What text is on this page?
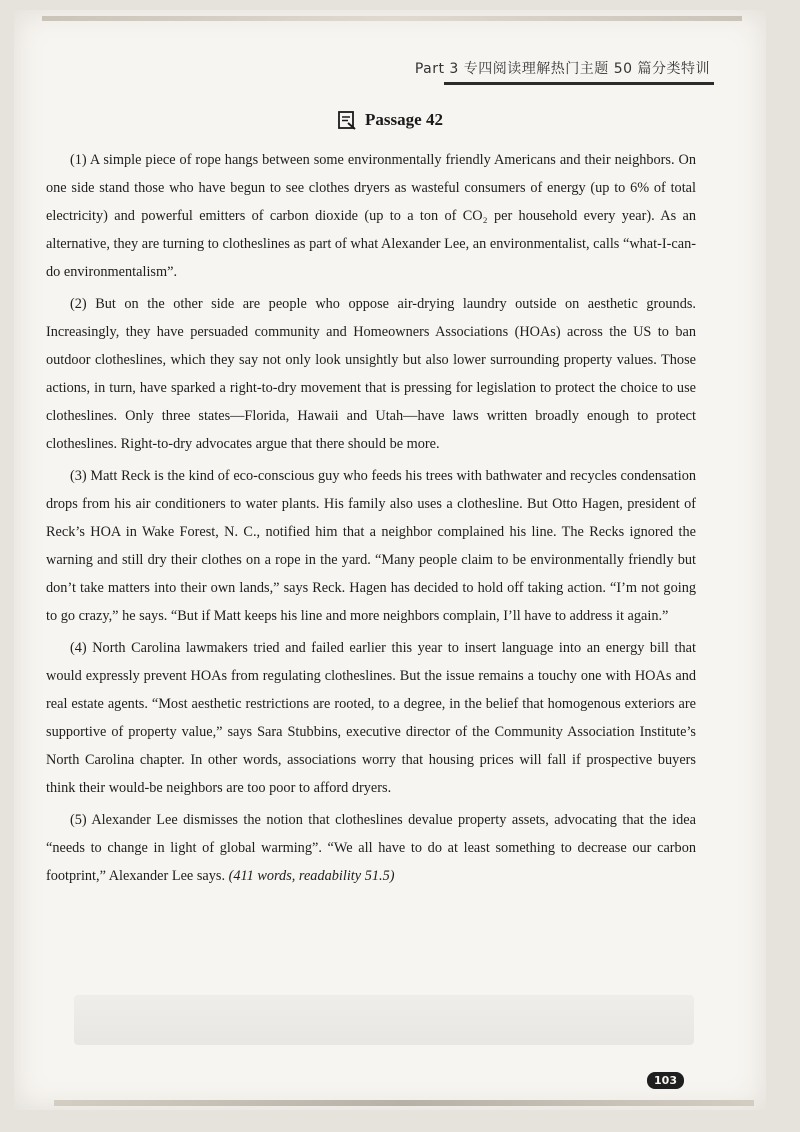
Part 3 专四阅读理解热门主题 50 篇分类特训
Passage 42

(1) A simple piece of rope hangs between some environmentally friendly Americans and their neighbors. On one side stand those who have begun to see clothes dryers as wasteful consumers of energy (up to 6% of total electricity) and powerful emitters of carbon dioxide (up to a ton of CO₂ per household every year). As an alternative, they are turning to clotheslines as part of what Alexander Lee, an environmentalist, calls “what-I-can-do environmentalism”.

(2) But on the other side are people who oppose air-drying laundry outside on aesthetic grounds. Increasingly, they have persuaded community and Homeowners Associations (HOAs) across the US to ban outdoor clotheslines, which they say not only look unsightly but also lower surrounding property values. Those actions, in turn, have sparked a right-to-dry movement that is pressing for legislation to protect the choice to use clotheslines. Only three states—Florida, Hawaii and Utah—have laws written broadly enough to protect clotheslines. Right-to-dry advocates argue that there should be more.

(3) Matt Reck is the kind of eco-conscious guy who feeds his trees with bathwater and recycles condensation drops from his air conditioners to water plants. His family also uses a clothesline. But Otto Hagen, president of Reck’s HOA in Wake Forest, N. C., notified him that a neighbor complained his line. The Recks ignored the warning and still dry their clothes on a rope in the yard. “Many people claim to be environmentally friendly but don’t take matters into their own lands,” says Reck. Hagen has decided to hold off taking action. “I’m not going to go crazy,” he says. “But if Matt keeps his line and more neighbors complain, I’ll have to address it again.”

(4) North Carolina lawmakers tried and failed earlier this year to insert language into an energy bill that would expressly prevent HOAs from regulating clotheslines. But the issue remains a touchy one with HOAs and real estate agents. “Most aesthetic restrictions are rooted, to a degree, in the belief that homogenous exteriors are supportive of property value,” says Sara Stubbins, executive director of the Community Association Institute’s North Carolina chapter. In other words, associations worry that housing prices will fall if prospective buyers think their would-be neighbors are too poor to afford dryers.

(5) Alexander Lee dismisses the notion that clotheslines devalue property assets, advocating that the idea “needs to change in light of global warming”. “We all have to do at least something to decrease our carbon footprint,” Alexander Lee says. (411 words, readability 51.5)

103
